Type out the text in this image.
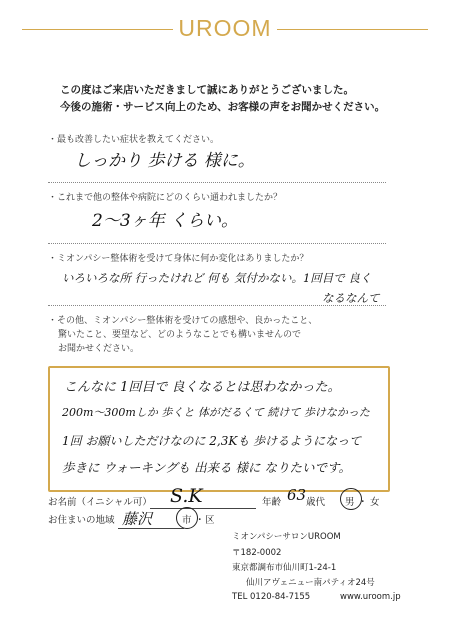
UROOM
この度はご来店いただきまして誠にありがとうございました。
今後の施術・サービス向上のため、お客様の声をお聞かせください。
・最も改善したい症状を教えてください。
しっかり 歩ける 様に。
・これまで他の整体や病院にどのくらい通われましたか？
2〜3ヶ年 くらい。
・ミオンパシー整体術を受けて身体に何か変化はありましたか？
いろいろな所 行ったけれど 何も 気付かない。1回目で 良く
なるなんて
・その他、ミオンパシー整体術を受けての感想や、良かったこと、
驚いたこと、要望など、どのようなことでも構いませんので
お聞かせください。
こんなに 1回目で 良くなるとは思わなかった。
200m〜300mしか 歩くと 体がだるくて 続けて 歩けなかった
1回 お願いしただけなのに 2,3Kも 歩けるようになって
歩きに ウォーキングも 出来る 様に なりたいです。
お名前（イニシャル可） S.K	年齢 63 歳代 男 ・ 女
お住まいの地域 藤沢	市 ・ 区
ミオンパシーサロンUROOM
〒182-0002
東京都調布市仙川町1-24-1
仙川アヴェニュー南パティオ24号
TEL 0120-84-7155	www.uroom.jp
